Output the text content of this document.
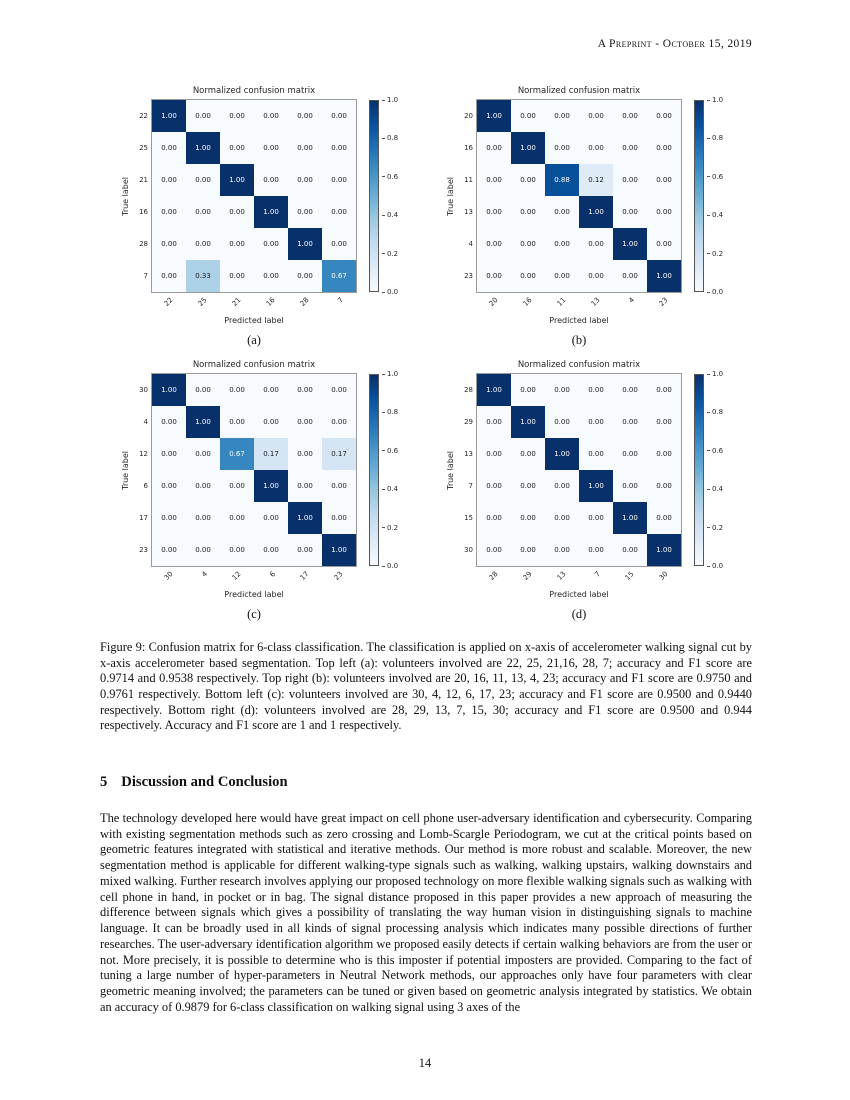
A Preprint - October 15, 2019
Normalized confusion matrix
True label
22
25
21
16
28
7
1.00	0.00	0.00	0.00	0.00	0.00
0.00	1.00	0.00	0.00	0.00	0.00
0.00	0.00	1.00	0.00	0.00	0.00
0.00	0.00	0.00	1.00	0.00	0.00
0.00	0.00	0.00	0.00	1.00	0.00
0.00	0.33	0.00	0.00	0.00	0.67
1.0
0.8
0.6
0.4
0.2
0.0
22	25	21	16	28	7
Predicted label
(a)
Normalized confusion matrix
True label
20
16
11
13
4
23
1.00	0.00	0.00	0.00	0.00	0.00
0.00	1.00	0.00	0.00	0.00	0.00
0.00	0.00	0.88	0.12	0.00	0.00
0.00	0.00	0.00	1.00	0.00	0.00
0.00	0.00	0.00	0.00	1.00	0.00
0.00	0.00	0.00	0.00	0.00	1.00
1.0
0.8
0.6
0.4
0.2
0.0
20	16	11	13	4	23
Predicted label
(b)
Normalized confusion matrix
True label
30
4
12
6
17
23
1.00	0.00	0.00	0.00	0.00	0.00
0.00	1.00	0.00	0.00	0.00	0.00
0.00	0.00	0.67	0.17	0.00	0.17
0.00	0.00	0.00	1.00	0.00	0.00
0.00	0.00	0.00	0.00	1.00	0.00
0.00	0.00	0.00	0.00	0.00	1.00
1.0
0.8
0.6
0.4
0.2
0.0
30	4	12	6	17	23
Predicted label
(c)
Normalized confusion matrix
True label
28
29
13
7
15
30
1.00	0.00	0.00	0.00	0.00	0.00
0.00	1.00	0.00	0.00	0.00	0.00
0.00	0.00	1.00	0.00	0.00	0.00
0.00	0.00	0.00	1.00	0.00	0.00
0.00	0.00	0.00	0.00	1.00	0.00
0.00	0.00	0.00	0.00	0.00	1.00
1.0
0.8
0.6
0.4
0.2
0.0
28	29	13	7	15	30
Predicted label
(d)

Figure 9: Confusion matrix for 6-class classification. The classification is applied on x-axis of accelerometer walking signal cut by x-axis accelerometer based segmentation. Top left (a): volunteers involved are 22, 25, 21,16, 28, 7; accuracy and F1 score are 0.9714 and 0.9538 respectively. Top right (b): volunteers involved are 20, 16, 11, 13, 4, 23; accuracy and F1 score are 0.9750 and 0.9761 respectively. Bottom left (c): volunteers involved are 30, 4, 12, 6, 17, 23; accuracy and F1 score are 0.9500 and 0.9440 respectively. Bottom right (d): volunteers involved are 28, 29, 13, 7, 15, 30; accuracy and F1 score are 0.9500 and 0.944 respectively. Accuracy and F1 score are 1 and 1 respectively.

5 Discussion and Conclusion

The technology developed here would have great impact on cell phone user-adversary identification and cybersecurity. Comparing with existing segmentation methods such as zero crossing and Lomb-Scargle Periodogram, we cut at the critical points based on geometric features integrated with statistical and iterative methods. Our method is more robust and scalable. Moreover, the new segmentation method is applicable for different walking-type signals such as walking, walking upstairs, walking downstairs and mixed walking. Further research involves applying our proposed technology on more flexible walking signals such as walking with cell phone in hand, in pocket or in bag. The signal distance proposed in this paper provides a new approach of measuring the difference between signals which gives a possibility of translating the way human vision in distinguishing signals to machine language. It can be broadly used in all kinds of signal processing analysis which indicates many possible directions of further researches. The user-adversary identification algorithm we proposed easily detects if certain walking behaviors are from the user or not. More precisely, it is possible to determine who is this imposter if potential imposters are provided. Comparing to the fact of tuning a large number of hyper-parameters in Neutral Network methods, our approaches only have four parameters with clear geometric meaning involved; the parameters can be tuned or given based on geometric analysis integrated by statistics. We obtain an accuracy of 0.9879 for 6-class classification on walking signal using 3 axes of the

14
